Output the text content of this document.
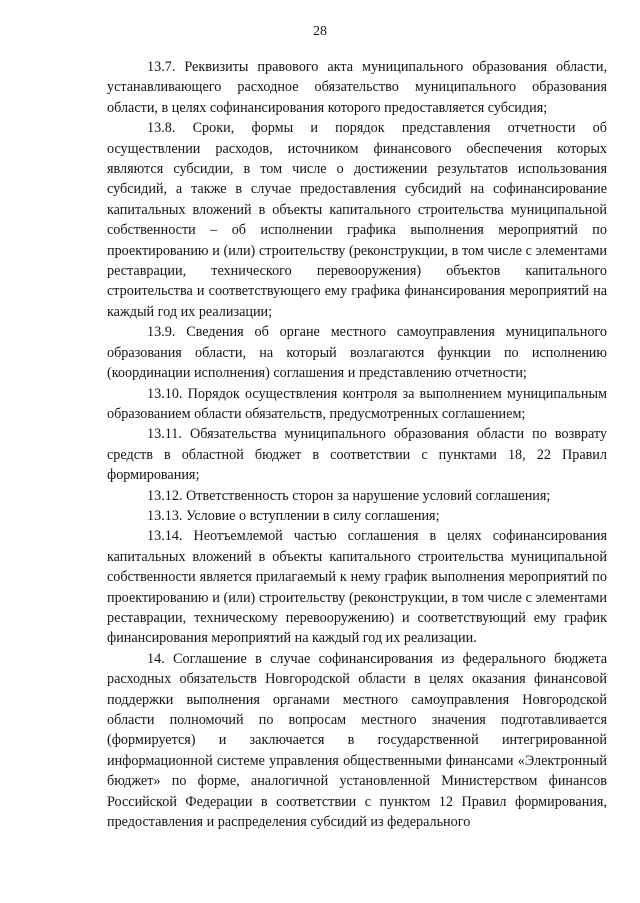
28

13.7. Реквизиты правового акта муниципального образования области, устанавливающего расходное обязательство муниципального образования области, в целях софинансирования которого предоставляется субсидия;

13.8. Сроки, формы и порядок представления отчетности об осуществлении расходов, источником финансового обеспечения которых являются субсидии, в том числе о достижении результатов использования субсидий, а также в случае предоставления субсидий на софинансирование капитальных вложений в объекты капитального строительства муниципальной собственности – об исполнении графика выполнения мероприятий по проектированию и (или) строительству (реконструкции, в том числе с элементами реставрации, технического перевооружения) объектов капитального строительства и соответствующего ему графика финансирования мероприятий на каждый год их реализации;

13.9. Сведения об органе местного самоуправления муниципального образования области, на который возлагаются функции по исполнению (координации исполнения) соглашения и представлению отчетности;

13.10. Порядок осуществления контроля за выполнением муниципальным образованием области обязательств, предусмотренных соглашением;

13.11. Обязательства муниципального образования области по возврату средств в областной бюджет в соответствии с пунктами 18, 22 Правил формирования;

13.12. Ответственность сторон за нарушение условий соглашения;

13.13. Условие о вступлении в силу соглашения;

13.14. Неотъемлемой частью соглашения в целях софинансирования капитальных вложений в объекты капитального строительства муниципальной собственности является прилагаемый к нему график выполнения мероприятий по проектированию и (или) строительству (реконструкции, в том числе с элементами реставрации, техническому перевооружению) и соответствующий ему график финансирования мероприятий на каждый год их реализации.

14. Соглашение в случае софинансирования из федерального бюджета расходных обязательств Новгородской области в целях оказания финансовой поддержки выполнения органами местного самоуправления Новгородской области полномочий по вопросам местного значения подготавливается (формируется) и заключается в государственной интегрированной информационной системе управления общественными финансами «Электронный бюджет» по форме, аналогичной установленной Министерством финансов Российской Федерации в соответствии с пунктом 12 Правил формирования, предоставления и распределения субсидий из федерального
